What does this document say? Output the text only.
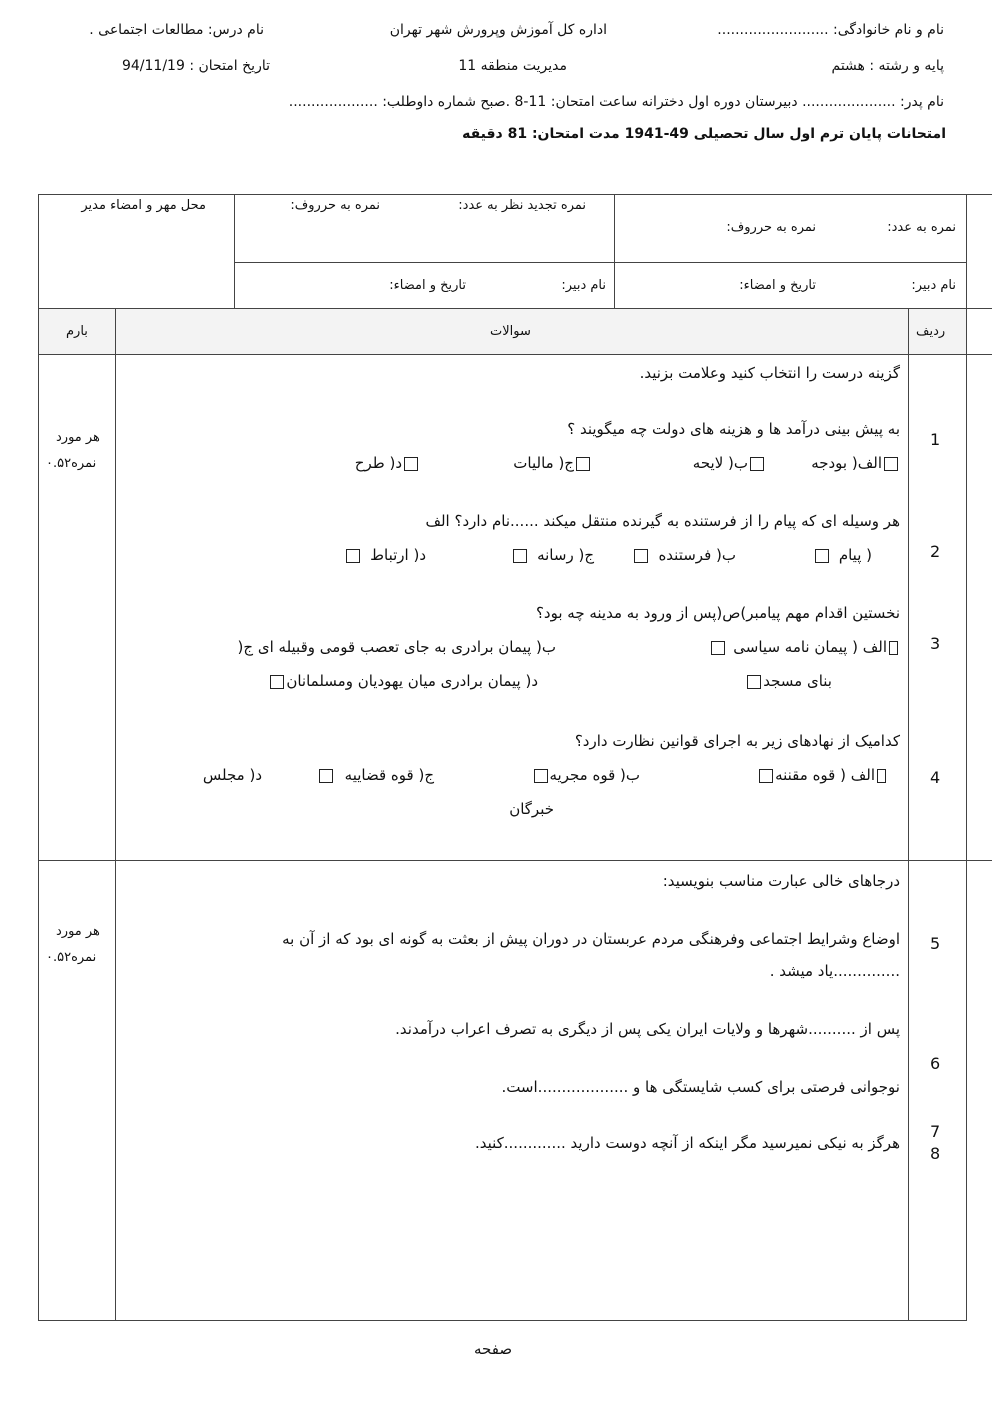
نام و نام خانوادگی: .........................
اداره کل آموزش وپرورش شهر تهران
نام درس: مطالعات اجتماعی .
پایه و رشته : هشتم
مدیریت منطقه 11
تاریخ امتحان : 94/11/19
نام پدر: ..................... دبیرستان دوره اول دخترانه ساعت امتحان: 11-8 .صبح شماره داوطلب: ....................
امتحانات پایان ترم اول سال تحصیلی 49-1941 مدت امتحان: 81 دقیقه
نمره به عدد:
نمره به حرروف:
نام دبیر:
تاریخ و امضاء:
نمره تجدید نظر به عدد:
نمره به حرروف:
نام دبیر:
تاریخ و امضاء:
محل مهر و امضاء مدیر
ردیف
سوالات
بارم
گزینه درست را انتخاب کنید وعلامت بزنید.
هر مورد
۰.۵۲نمره
1
به پیش بینی درآمد ها و هزینه های دولت چه میگویند ؟
الف( بودجه
ب( لایحه
ج( مالیات
د( طرح
2
هر وسیله ای که پیام را از فرستنده به گیرنده منتقل میکند ......نام دارد؟ الف
( پیام
ب( فرستنده
ج( رسانه
د( ارتباط
3
نخستین اقدام مهم پیامبر)ص(پس از ورود به مدینه چه بود؟
الف ( پیمان نامه سیاسی
ب( پیمان برادری به جای تعصب قومی وقبیله ای ج(
بنای مسجد
د( پیمان برادری میان یهودیان ومسلمانان
4
کدامیک از نهادهای زیر به اجرای قوانین نظارت دارد؟
الف ( قوه مقننه
ب( قوه مجریه
ج( قوه قضاییه
د( مجلس
خبرگان
درجاهای خالی عبارت مناسب بنویسید:
هر مورد
۰.۵۲نمره
5
اوضاع وشرایط اجتماعی وفرهنگی مردم عربستان در دوران پیش از بعثت به گونه ای بود که از آن به
..............یاد میشد .
6
پس از ..........شهرها و ولایات ایران یکی پس از دیگری به تصرف اعراب درآمدند.
نوجوانی فرصتی برای کسب شایستگی ها و ...................است.
7
8
هرگز به نیکی نمیرسید مگر اینکه از آنچه دوست دارید .............کنید.
صفحه
